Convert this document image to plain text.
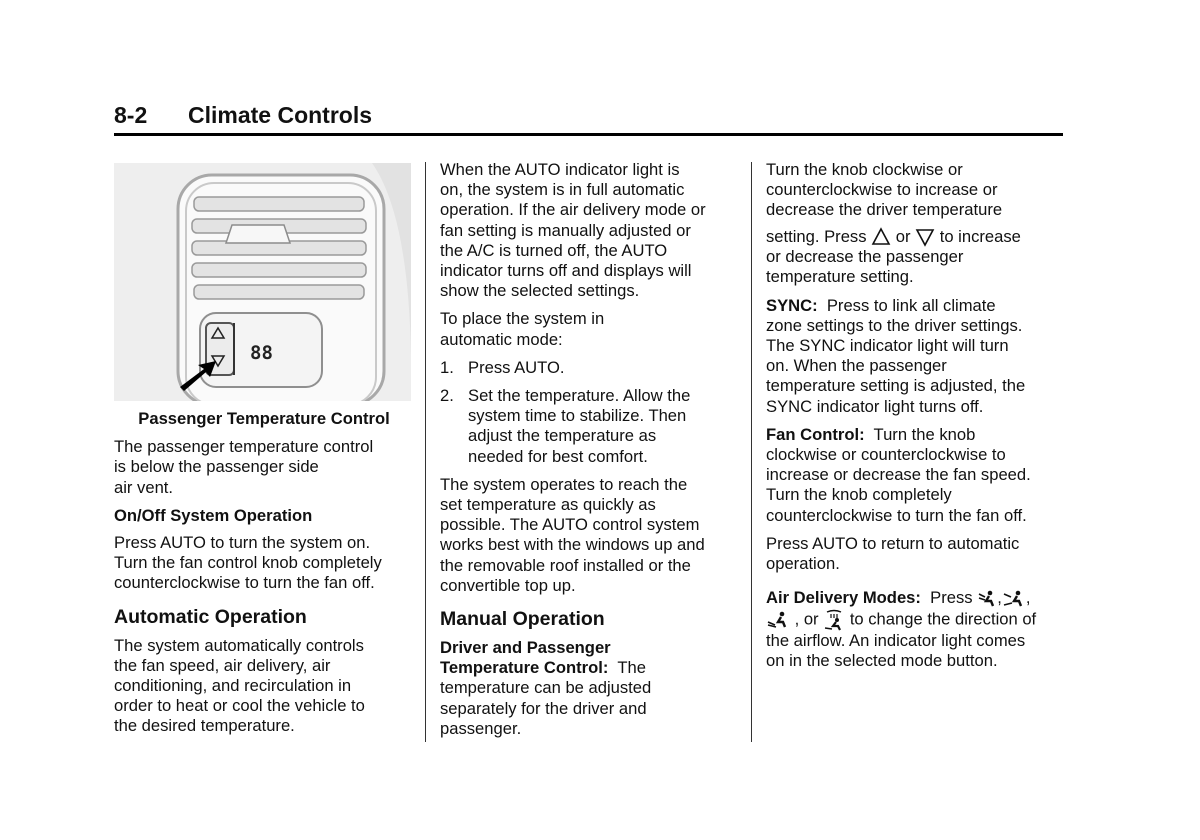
8-2 Climate Controls
88
Passenger Temperature Control

The passenger temperature control
is below the passenger side
air vent.

On/Off System Operation

Press AUTO to turn the system on.
Turn the fan control knob completely
counterclockwise to turn the fan off.

Automatic Operation

The system automatically controls
the fan speed, air delivery, air
conditioning, and recirculation in
order to heat or cool the vehicle to
the desired temperature.

When the AUTO indicator light is
on, the system is in full automatic
operation. If the air delivery mode or
fan setting is manually adjusted or
the A/C is turned off, the AUTO
indicator turns off and displays will
show the selected settings.

To place the system in
automatic mode:

1. Press AUTO.
2. Set the temperature. Allow the
system time to stabilize. Then
adjust the temperature as
needed for best comfort.

The system operates to reach the
set temperature as quickly as
possible. The AUTO control system
works best with the windows up and
the removable roof installed or the
convertible top up.

Manual Operation

Driver and Passenger
Temperature Control:  The
temperature can be adjusted
separately for the driver and
passenger.

Turn the knob clockwise or
counterclockwise to increase or
decrease the driver temperature
setting. Press  or  to increase
or decrease the passenger
temperature setting.

SYNC:  Press to link all climate
zone settings to the driver settings.
The SYNC indicator light will turn
on. When the passenger
temperature setting is adjusted, the
SYNC indicator light turns off.

Fan Control:  Turn the knob
clockwise or counterclockwise to
increase or decrease the fan speed.
Turn the knob completely
counterclockwise to turn the fan off.

Press AUTO to return to automatic
operation.

Air Delivery Modes:  Press , ,
, or  to change the direction of
the airflow. An indicator light comes
on in the selected mode button.
